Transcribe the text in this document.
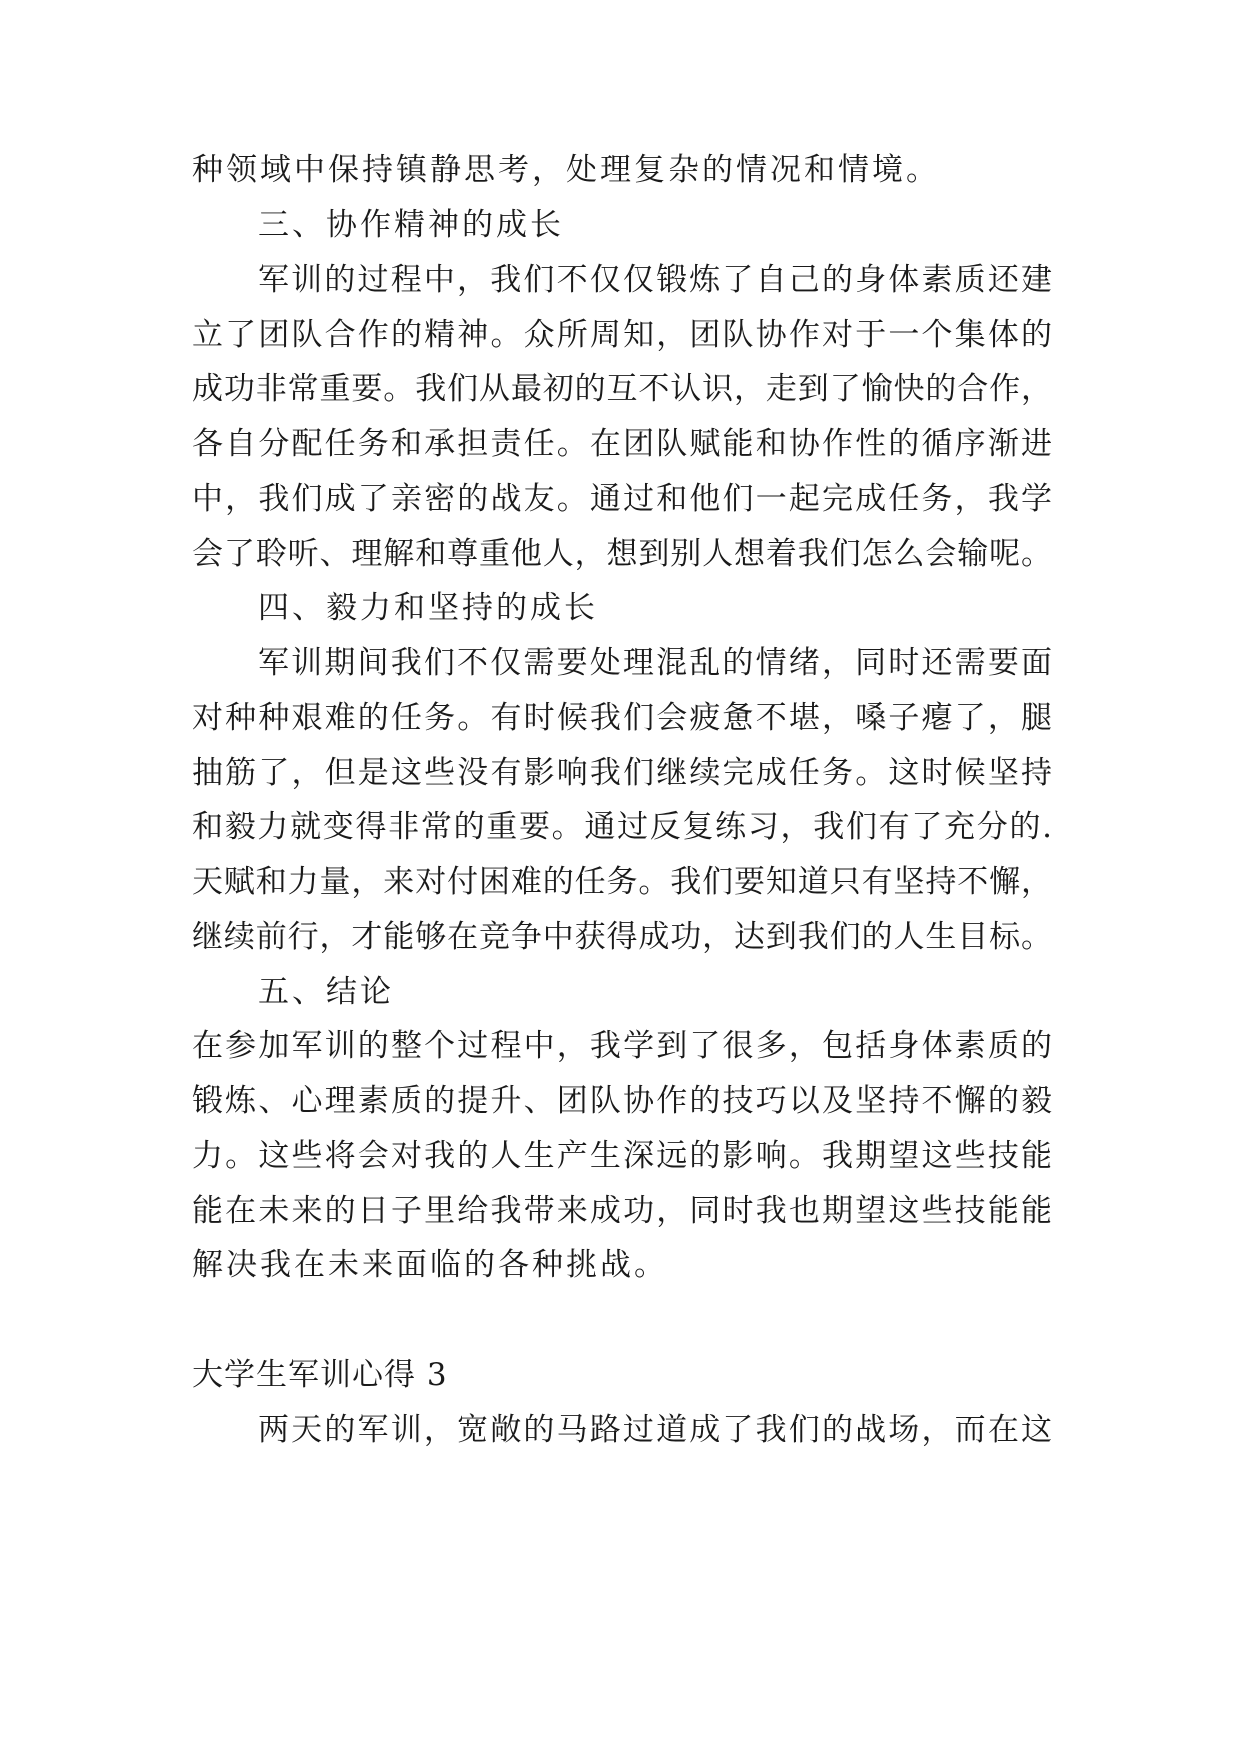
种领域中保持镇静思考，处理复杂的情况和情境。
三、协作精神的成长
军训的过程中，我们不仅仅锻炼了自己的身体素质还建
立了团队合作的精神。众所周知，团队协作对于一个集体的
成功非常重要。我们从最初的互不认识，走到了愉快的合作，
各自分配任务和承担责任。在团队赋能和协作性的循序渐进
中，我们成了亲密的战友。通过和他们一起完成任务，我学
会了聆听、理解和尊重他人，想到别人想着我们怎么会输呢。
四、毅力和坚持的成长
军训期间我们不仅需要处理混乱的情绪，同时还需要面
对种种艰难的任务。有时候我们会疲惫不堪，嗓子瘪了，腿
抽筋了，但是这些没有影响我们继续完成任务。这时候坚持
和毅力就变得非常的重要。通过反复练习，我们有了充分的.
天赋和力量，来对付困难的任务。我们要知道只有坚持不懈，
继续前行，才能够在竞争中获得成功，达到我们的人生目标。
五、结论
在参加军训的整个过程中，我学到了很多，包括身体素质的
锻炼、心理素质的提升、团队协作的技巧以及坚持不懈的毅
力。这些将会对我的人生产生深远的影响。我期望这些技能
能在未来的日子里给我带来成功，同时我也期望这些技能能
解决我在未来面临的各种挑战。
大学生军训心得 3
两天的军训，宽敞的马路过道成了我们的战场，而在这
